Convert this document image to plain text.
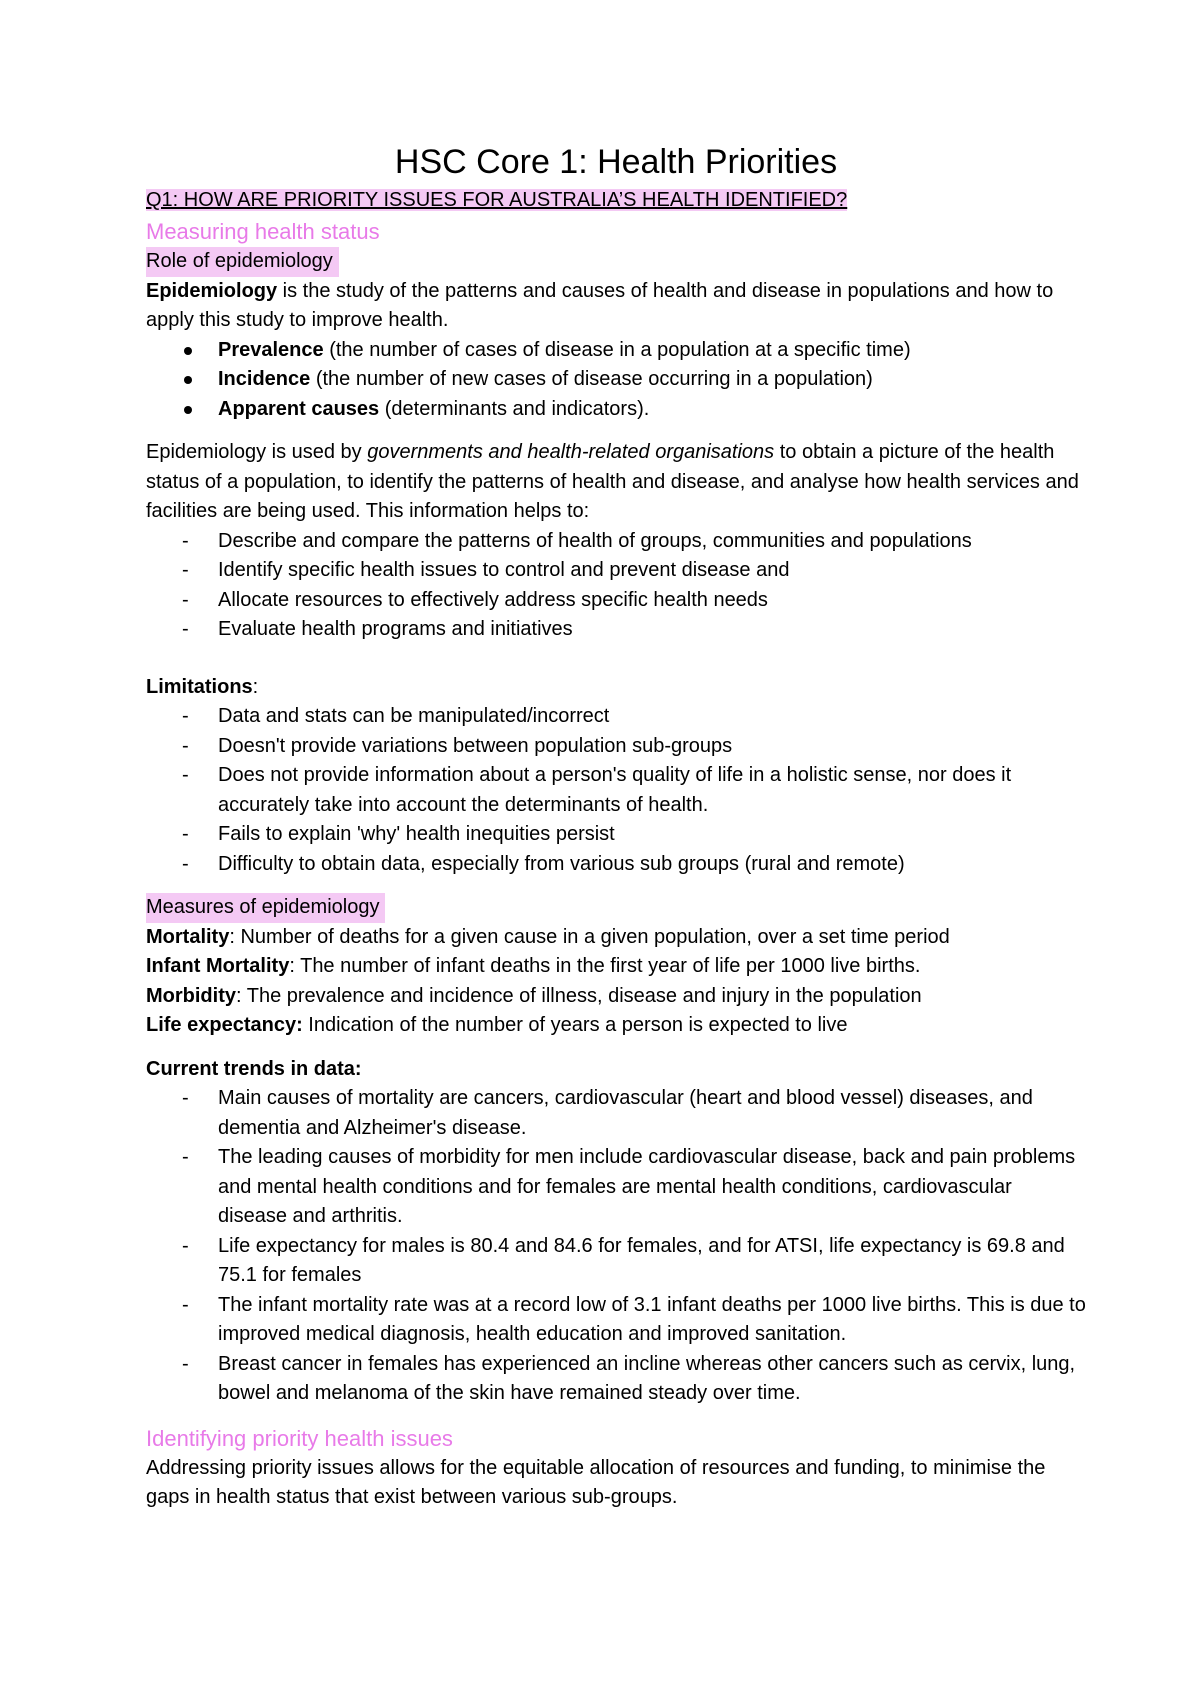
HSC Core 1: Health Priorities
Q1: HOW ARE PRIORITY ISSUES FOR AUSTRALIA’S HEALTH IDENTIFIED?
Measuring health status
Role of epidemiology

Epidemiology is the study of the patterns and causes of health and disease in populations and how to apply this study to improve health.

Prevalence (the number of cases of disease in a population at a specific time)
Incidence (the number of new cases of disease occurring in a population)
Apparent causes (determinants and indicators).

Epidemiology is used by governments and health-related organisations to obtain a picture of the health status of a population, to identify the patterns of health and disease, and analyse how health services and facilities are being used. This information helps to:

- Describe and compare the patterns of health of groups, communities and populations
- Identify specific health issues to control and prevent disease and
- Allocate resources to effectively address specific health needs
- Evaluate health programs and initiatives

Limitations:

- Data and stats can be manipulated/incorrect
- Doesn't provide variations between population sub-groups
- Does not provide information about a person's quality of life in a holistic sense, nor does it accurately take into account the determinants of health.
- Fails to explain 'why' health inequities persist
- Difficulty to obtain data, especially from various sub groups (rural and remote)
Measures of epidemiology

Mortality: Number of deaths for a given cause in a given population, over a set time period

Infant Mortality: The number of infant deaths in the first year of life per 1000 live births.

Morbidity: The prevalence and incidence of illness, disease and injury in the population

Life expectancy: Indication of the number of years a person is expected to live

Current trends in data:

- Main causes of mortality are cancers, cardiovascular (heart and blood vessel) diseases, and dementia and Alzheimer's disease.
- The leading causes of morbidity for men include cardiovascular disease, back and pain problems and mental health conditions and for females are mental health conditions, cardiovascular disease and arthritis.
- Life expectancy for males is 80.4 and 84.6 for females, and for ATSI, life expectancy is 69.8 and 75.1 for females
- The infant mortality rate was at a record low of 3.1 infant deaths per 1000 live births. This is due to improved medical diagnosis, health education and improved sanitation.
- Breast cancer in females has experienced an incline whereas other cancers such as cervix, lung, bowel and melanoma of the skin have remained steady over time.
Identifying priority health issues

Addressing priority issues allows for the equitable allocation of resources and funding, to minimise the gaps in health status that exist between various sub-groups.
